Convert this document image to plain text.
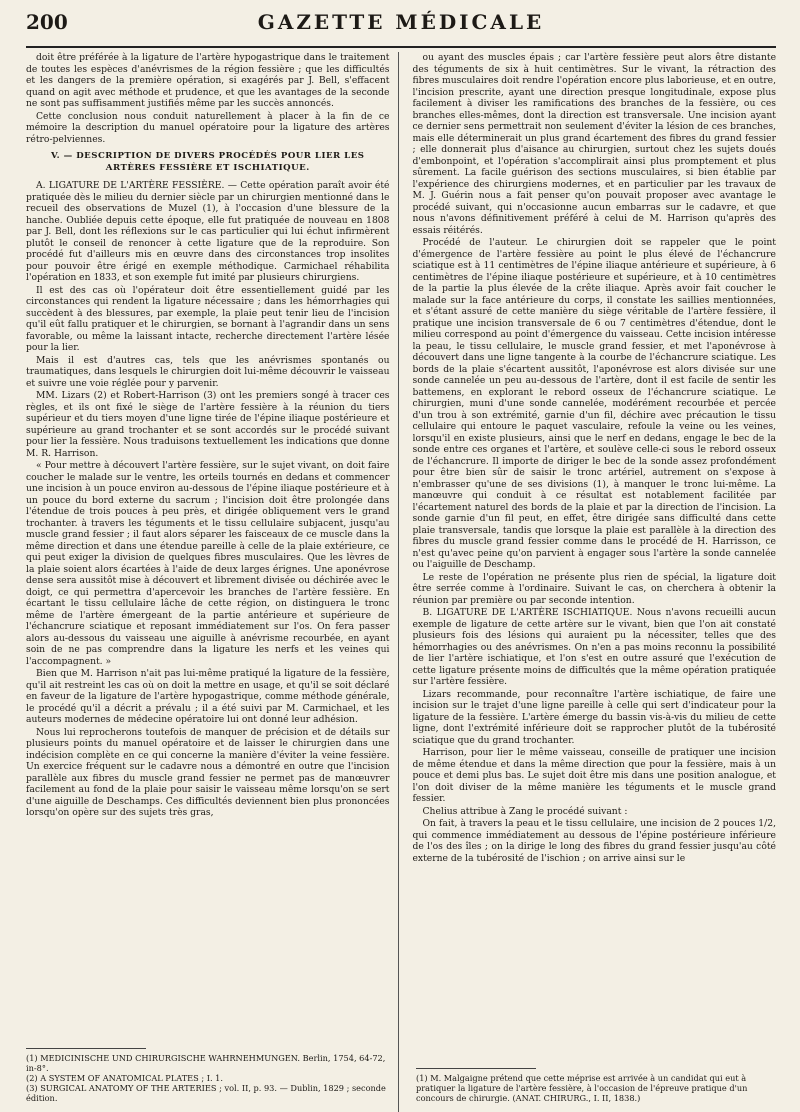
200	GAZETTE MÉDICALE

doit être préférée à la ligature de l'artère hypogastrique dans le traitement de toutes les espèces d'anévrismes de la région fessière ; que les difficultés et les dangers de la première opération, si exagérés par J. Bell, s'effacent quand on agit avec méthode et prudence, et que les avantages de la seconde ne sont pas suffisamment justifiés même par les succès annoncés.

Cette conclusion nous conduit naturellement à placer à la fin de ce mémoire la description du manuel opératoire pour la ligature des artères rétro-pelviennes.

V. — DESCRIPTION DE DIVERS PROCÉDÉS POUR LIER LES ARTÈRES FESSIÈRE ET ISCHIATIQUE.

A. LIGATURE DE L'ARTÈRE FESSIÈRE. — Cette opération paraît avoir été pratiquée dès le milieu du dernier siècle par un chirurgien mentionné dans le recueil des observations de Muzel (1), à l'occasion d'une blessure de la hanche. Oubliée depuis cette époque, elle fut pratiquée de nouveau en 1808 par J. Bell, dont les réflexions sur le cas particulier qui lui échut infirmèrent plutôt le conseil de renoncer à cette ligature que de la reproduire. Son procédé fut d'ailleurs mis en œuvre dans des circonstances trop insolites pour pouvoir être érigé en exemple méthodique. Carmichael réhabilita l'opération en 1833, et son exemple fut imité par plusieurs chirurgiens.

Il est des cas où l'opérateur doit être essentiellement guidé par les circonstances qui rendent la ligature nécessaire ; dans les hémorrhagies qui succèdent à des blessures, par exemple, la plaie peut tenir lieu de l'incision qu'il eût fallu pratiquer et le chirurgien, se bornant à l'agrandir dans un sens favorable, ou même la laissant intacte, recherche directement l'artère lésée pour la lier.

Mais il est d'autres cas, tels que les anévrismes spontanés ou traumatiques, dans lesquels le chirurgien doit lui-même découvrir le vaisseau et suivre une voie réglée pour y parvenir.

MM. Lizars (2) et Robert-Harrison (3) ont les premiers songé à tracer ces règles, et ils ont fixé le siège de l'artère fessière à la réunion du tiers supérieur et du tiers moyen d'une ligne tirée de l'épine iliaque postérieure et supérieure au grand trochanter et se sont accordés sur le procédé suivant pour lier la fessière. Nous traduisons textuellement les indications que donne M. R. Harrison.

« Pour mettre à découvert l'artère fessière, sur le sujet vivant, on doit faire coucher le malade sur le ventre, les orteils tournés en dedans et commencer une incision à un pouce environ au-dessous de l'épine iliaque postérieure et à un pouce du bord externe du sacrum ; l'incision doit être prolongée dans l'étendue de trois pouces à peu près, et dirigée obliquement vers le grand trochanter. à travers les téguments et le tissu cellulaire subjacent, jusqu'au muscle grand fessier ; il faut alors séparer les faisceaux de ce muscle dans la même direction et dans une étendue pareille à celle de la plaie extérieure, ce qui peut exiger la division de quelques fibres musculaires. Que les lèvres de la plaie soient alors écartées à l'aide de deux larges érignes. Une aponévrose dense sera aussitôt mise à découvert et librement divisée ou déchirée avec le doigt, ce qui permettra d'apercevoir les branches de l'artère fessière. En écartant le tissu cellulaire lâche de cette région, on distinguera le tronc même de l'artère émergeant de la partie antérieure et supérieure de l'échancrure sciatique et reposant immédiatement sur l'os. On fera passer alors au-dessous du vaisseau une aiguille à anévrisme recourbée, en ayant soin de ne pas comprendre dans la ligature les nerfs et les veines qui l'accompagnent. »

Bien que M. Harrison n'ait pas lui-même pratiqué la ligature de la fessière, qu'il ait restreint les cas où on doit la mettre en usage, et qu'il se soit déclaré en faveur de la ligature de l'artère hypogastrique, comme méthode générale, le procédé qu'il a décrit a prévalu ; il a été suivi par M. Carmichael, et les auteurs modernes de médecine opératoire lui ont donné leur adhésion.

Nous lui reprocherons toutefois de manquer de précision et de détails sur plusieurs points du manuel opératoire et de laisser le chirurgien dans une indécision complète en ce qui concerne la manière d'éviter la veine fessière. Un exercice fréquent sur le cadavre nous a démontré en outre que l'incision parallèle aux fibres du muscle grand fessier ne permet pas de manœuvrer facilement au fond de la plaie pour saisir le vaisseau même lorsqu'on se sert d'une aiguille de Deschamps. Ces difficultés deviennent bien plus prononcées lorsqu'on opère sur des sujets très gras,

ou ayant des muscles épais ; car l'artère fessière peut alors être distante des téguments de six à huit centimètres. Sur le vivant, la rétraction des fibres musculaires doit rendre l'opération encore plus laborieuse, et en outre, l'incision prescrite, ayant une direction presque longitudinale, expose plus facilement à diviser les ramifications des branches de la fessière, ou ces branches elles-mêmes, dont la direction est transversale. Une incision ayant ce dernier sens permettrait non seulement d'éviter la lésion de ces branches, mais elle déterminerait un plus grand écartement des fibres du grand fessier ; elle donnerait plus d'aisance au chirurgien, surtout chez les sujets doués d'embonpoint, et l'opération s'accomplirait ainsi plus promptement et plus sûrement. La facile guérison des sections musculaires, si bien établie par l'expérience des chirurgiens modernes, et en particulier par les travaux de M. J. Guérin nous a fait penser qu'on pouvait proposer avec avantage le procédé suivant, qui n'occasionne aucun embarras sur le cadavre, et que nous n'avons définitivement préféré à celui de M. Harrison qu'après des essais réitérés.

Procédé de l'auteur. Le chirurgien doit se rappeler que le point d'émergence de l'artère fessière au point le plus élevé de l'échancrure sciatique est à 11 centimètres de l'épine iliaque antérieure et supérieure, à 6 centimètres de l'épine iliaque postérieure et supérieure, et à 10 centimètres de la partie la plus élevée de la crête iliaque. Après avoir fait coucher le malade sur la face antérieure du corps, il constate les saillies mentionnées, et s'étant assuré de cette manière du siège véritable de l'artère fessière, il pratique une incision transversale de 6 ou 7 centimètres d'étendue, dont le milieu correspond au point d'émergence du vaisseau. Cette incision intéresse la peau, le tissu cellulaire, le muscle grand fessier, et met l'aponévrose à découvert dans une ligne tangente à la courbe de l'échancrure sciatique. Les bords de la plaie s'écartent aussitôt, l'aponévrose est alors divisée sur une sonde cannelée un peu au-dessous de l'artère, dont il est facile de sentir les battemens, en explorant le rebord osseux de l'échancrure sciatique. Le chirurgien, muni d'une sonde cannelée, modérément recourbée et percée d'un trou à son extrémité, garnie d'un fil, déchire avec précaution le tissu cellulaire qui entoure le paquet vasculaire, refoule la veine ou les veines, lorsqu'il en existe plusieurs, ainsi que le nerf en dedans, engage le bec de la sonde entre ces organes et l'artère, et soulève celle-ci sous le rebord osseux de l'échancrure. Il importe de diriger le bec de la sonde assez profondément pour être bien sûr de saisir le tronc artériel, autrement on s'expose à n'embrasser qu'une de ses divisions (1), à manquer le tronc lui-même. La manœuvre qui conduit à ce résultat est notablement facilitée par l'écartement naturel des bords de la plaie et par la direction de l'incision. La sonde garnie d'un fil peut, en effet, être dirigée sans difficulté dans cette plaie transversale, tandis que lorsque la plaie est parallèle à la direction des fibres du muscle grand fessier comme dans le procédé de H. Harrisson, ce n'est qu'avec peine qu'on parvient à engager sous l'artère la sonde cannelée ou l'aiguille de Deschamp.

Le reste de l'opération ne présente plus rien de spécial, la ligature doit être serrée comme à l'ordinaire. Suivant le cas, on cherchera à obtenir la réunion par première ou par seconde intention.

B. LIGATURE DE L'ARTÈRE ISCHIATIQUE. Nous n'avons recueilli aucun exemple de ligature de cette artère sur le vivant, bien que l'on ait constaté plusieurs fois des lésions qui auraient pu la nécessiter, telles que des hémorrhagies ou des anévrismes. On n'en a pas moins reconnu la possibilité de lier l'artère ischiatique, et l'on s'est en outre assuré que l'exécution de cette ligature présente moins de difficultés que la même opération pratiquée sur l'artère fessière.

Lizars recommande, pour reconnaître l'artère ischiatique, de faire une incision sur le trajet d'une ligne pareille à celle qui sert d'indicateur pour la ligature de la fessière. L'artère émerge du bassin vis-à-vis du milieu de cette ligne, dont l'extrémité inférieure doit se rapprocher plutôt de la tubérosité sciatique que du grand trochanter.

Harrison, pour lier le même vaisseau, conseille de pratiquer une incision de même étendue et dans la même direction que pour la fessière, mais à un pouce et demi plus bas. Le sujet doit être mis dans une position analogue, et l'on doit diviser de la même manière les téguments et le muscle grand fessier.

Chelius attribue à Zang le procédé suivant :

On fait, à travers la peau et le tissu cellulaire, une incision de 2 pouces 1/2, qui commence immédiatement au dessous de l'épine postérieure inférieure de l'os des îles ; on la dirige le long des fibres du grand fessier jusqu'au côté externe de la tubérosité de l'ischion ; on arrive ainsi sur le

(1) MEDICINISCHE UND CHIRURGISCHE WAHRNEHMUNGEN. Berlin, 1754, 64-72, in-8°.

(2) A SYSTEM OF ANATOMICAL PLATES ; I. 1.

(3) SURGICAL ANATOMY OF THE ARTERIES ; vol. II, p. 93. — Dublin, 1829 ; seconde édition.

(1) M. Malgaigne prétend que cette méprise est arrivée à un candidat qui eut à pratiquer la ligature de l'artère fessière, à l'occasion de l'épreuve pratique d'un concours de chirurgie. (ANAT. CHIRURG., I. II, 1838.)
